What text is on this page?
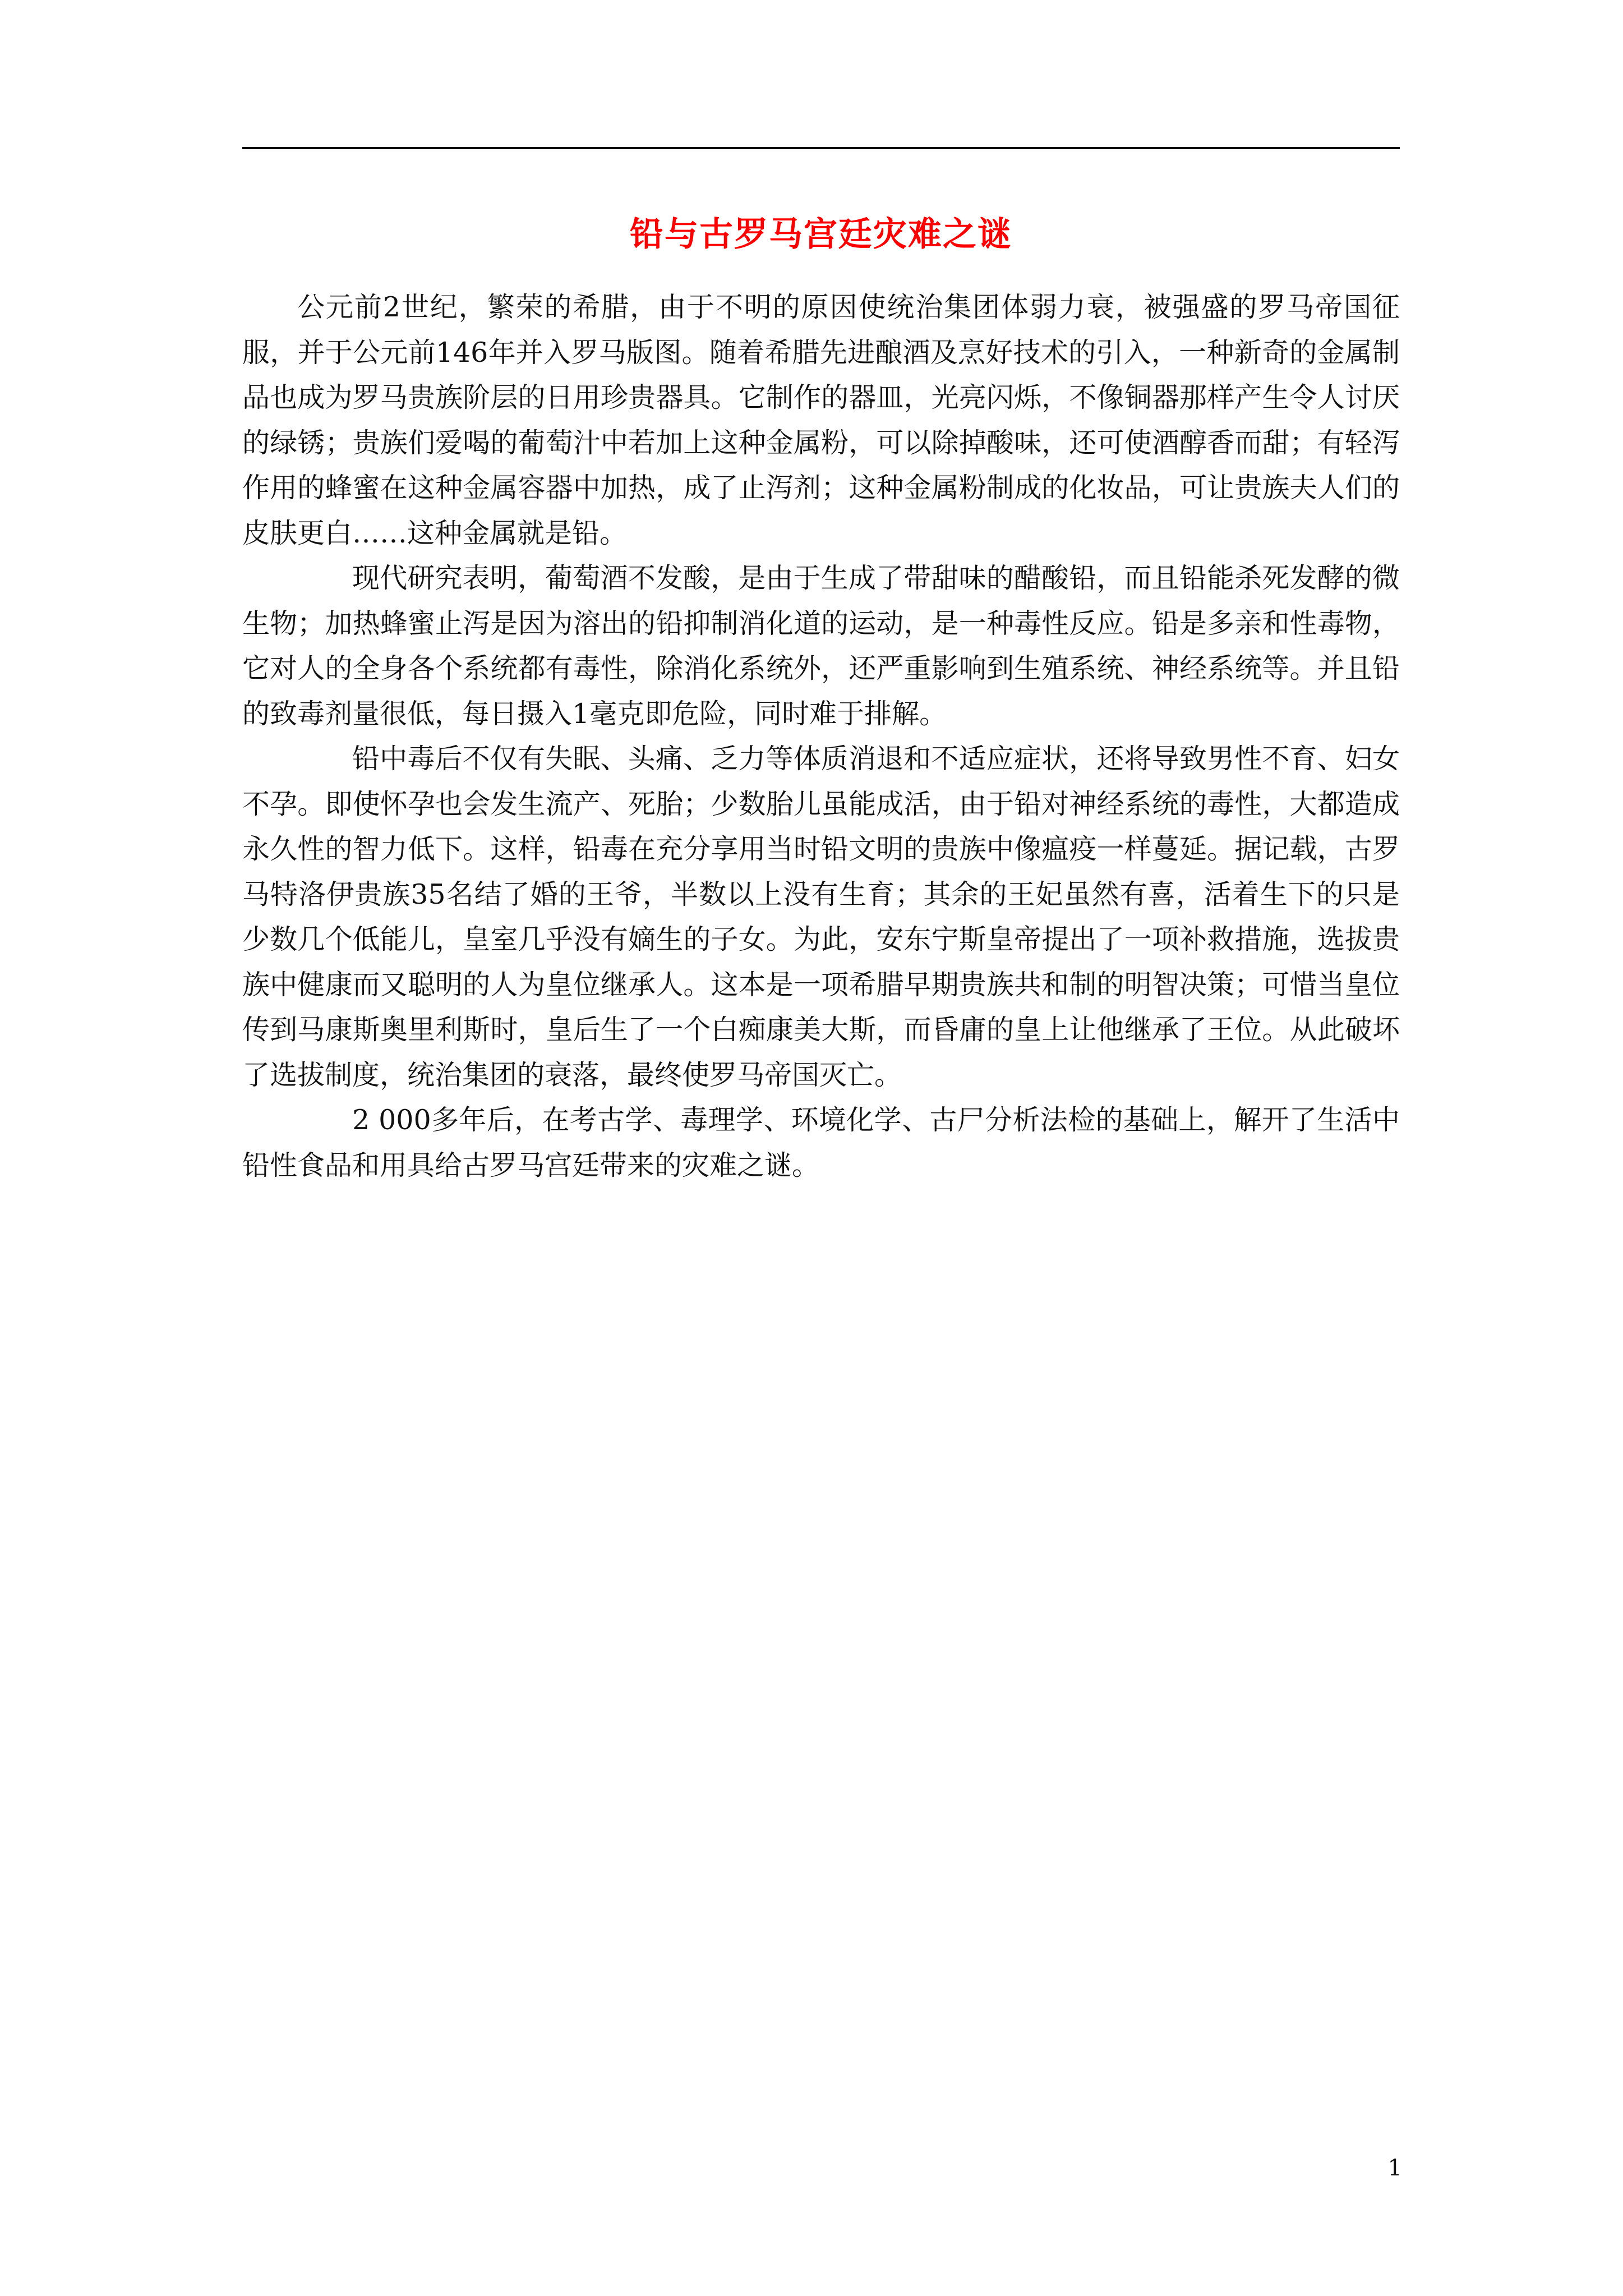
铅与古罗马宫廷灾难之谜

公元前2世纪，繁荣的希腊，由于不明的原因使统治集团体弱力衰，被强盛的罗马帝国征服，并于公元前146年并入罗马版图。随着希腊先进酿酒及烹好技术的引入，一种新奇的金属制品也成为罗马贵族阶层的日用珍贵器具。它制作的器皿，光亮闪烁，不像铜器那样产生令人讨厌的绿锈；贵族们爱喝的葡萄汁中若加上这种金属粉，可以除掉酸味，还可使酒醇香而甜；有轻泻作用的蜂蜜在这种金属容器中加热，成了止泻剂；这种金属粉制成的化妆品，可让贵族夫人们的皮肤更白……这种金属就是铅。

现代研究表明，葡萄酒不发酸，是由于生成了带甜味的醋酸铅，而且铅能杀死发酵的微生物；加热蜂蜜止泻是因为溶出的铅抑制消化道的运动，是一种毒性反应。铅是多亲和性毒物，它对人的全身各个系统都有毒性，除消化系统外，还严重影响到生殖系统、神经系统等。并且铅的致毒剂量很低，每日摄入1毫克即危险，同时难于排解。

铅中毒后不仅有失眠、头痛、乏力等体质消退和不适应症状，还将导致男性不育、妇女不孕。即使怀孕也会发生流产、死胎；少数胎儿虽能成活，由于铅对神经系统的毒性，大都造成永久性的智力低下。这样，铅毒在充分享用当时铅文明的贵族中像瘟疫一样蔓延。据记载，古罗马特洛伊贵族35名结了婚的王爷，半数以上没有生育；其余的王妃虽然有喜，活着生下的只是少数几个低能儿，皇室几乎没有嫡生的子女。为此，安东宁斯皇帝提出了一项补救措施，选拔贵族中健康而又聪明的人为皇位继承人。这本是一项希腊早期贵族共和制的明智决策；可惜当皇位传到马康斯奥里利斯时，皇后生了一个白痴康美大斯，而昏庸的皇上让他继承了王位。从此破坏了选拔制度，统治集团的衰落，最终使罗马帝国灭亡。

2 000多年后，在考古学、毒理学、环境化学、古尸分析法检的基础上，解开了生活中铅性食品和用具给古罗马宫廷带来的灾难之谜。

1
